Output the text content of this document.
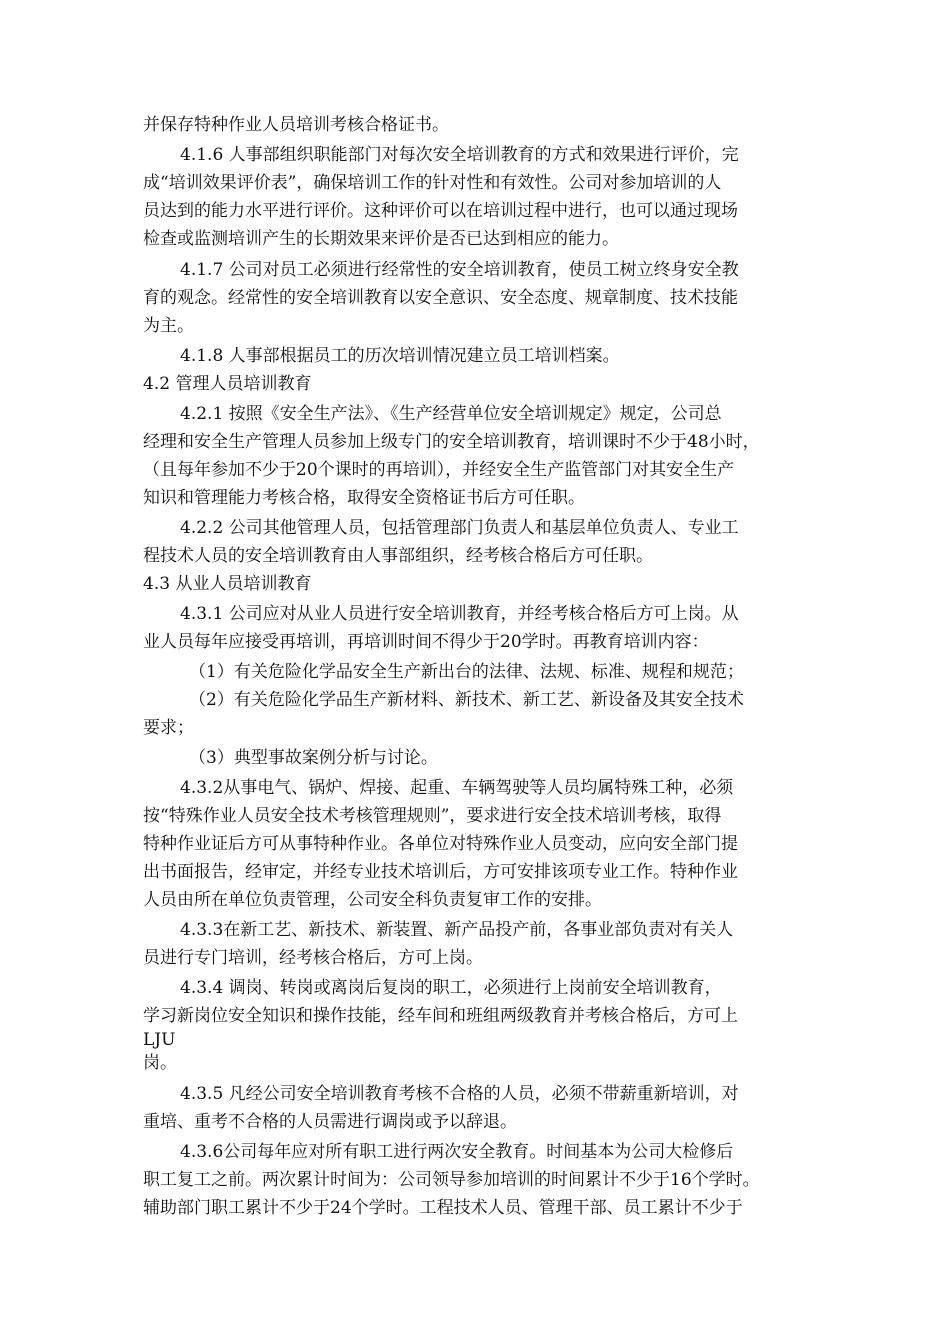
并保存特种作业人员培训考核合格证书。
4.1.6 人事部组织职能部门对每次安全培训教育的方式和效果进行评价，完
成“培训效果评价表”，确保培训工作的针对性和有效性。公司对参加培训的人
员达到的能力水平进行评价。这种评价可以在培训过程中进行，也可以通过现场
检查或监测培训产生的长期效果来评价是否已达到相应的能力。
4.1.7 公司对员工必须进行经常性的安全培训教育，使员工树立终身安全教
育的观念。经常性的安全培训教育以安全意识、安全态度、规章制度、技术技能
为主。
4.1.8 人事部根据员工的历次培训情况建立员工培训档案。
4.2 管理人员培训教育
4.2.1 按照《安全生产法》、《生产经营单位安全培训规定》规定，公司总
经理和安全生产管理人员参加上级专门的安全培训教育，培训课时不少于48小时，
（且每年参加不少于20个课时的再培训），并经安全生产监管部门对其安全生产
知识和管理能力考核合格，取得安全资格证书后方可任职。
4.2.2 公司其他管理人员，包括管理部门负责人和基层单位负责人、专业工
程技术人员的安全培训教育由人事部组织，经考核合格后方可任职。
4.3 从业人员培训教育
4.3.1 公司应对从业人员进行安全培训教育，并经考核合格后方可上岗。从
业人员每年应接受再培训，再培训时间不得少于20学时。再教育培训内容：
（1）有关危险化学品安全生产新出台的法律、法规、标准、规程和规范；
（2）有关危险化学品生产新材料、新技术、新工艺、新设备及其安全技术
要求；
（3）典型事故案例分析与讨论。
4.3.2从事电气、锅炉、焊接、起重、车辆驾驶等人员均属特殊工种，必须
按“特殊作业人员安全技术考核管理规则”，要求进行安全技术培训考核，取得
特种作业证后方可从事特种作业。各单位对特殊作业人员变动，应向安全部门提
出书面报告，经审定，并经专业技术培训后，方可安排该项专业工作。特种作业
人员由所在单位负责管理，公司安全科负责复审工作的安排。
4.3.3在新工艺、新技术、新装置、新产品投产前，各事业部负责对有关人
员进行专门培训，经考核合格后，方可上岗。
4.3.4 调岗、转岗或离岗后复岗的职工，必须进行上岗前安全培训教育，
学习新岗位安全知识和操作技能，经车间和班组两级教育并考核合格后，方可上
LJU
岗。
4.3.5 凡经公司安全培训教育考核不合格的人员，必须不带薪重新培训，对
重培、重考不合格的人员需进行调岗或予以辞退。
4.3.6公司每年应对所有职工进行两次安全教育。时间基本为公司大检修后
职工复工之前。两次累计时间为：公司领导参加培训的时间累计不少于16个学时。
辅助部门职工累计不少于24个学时。工程技术人员、管理干部、员工累计不少于
